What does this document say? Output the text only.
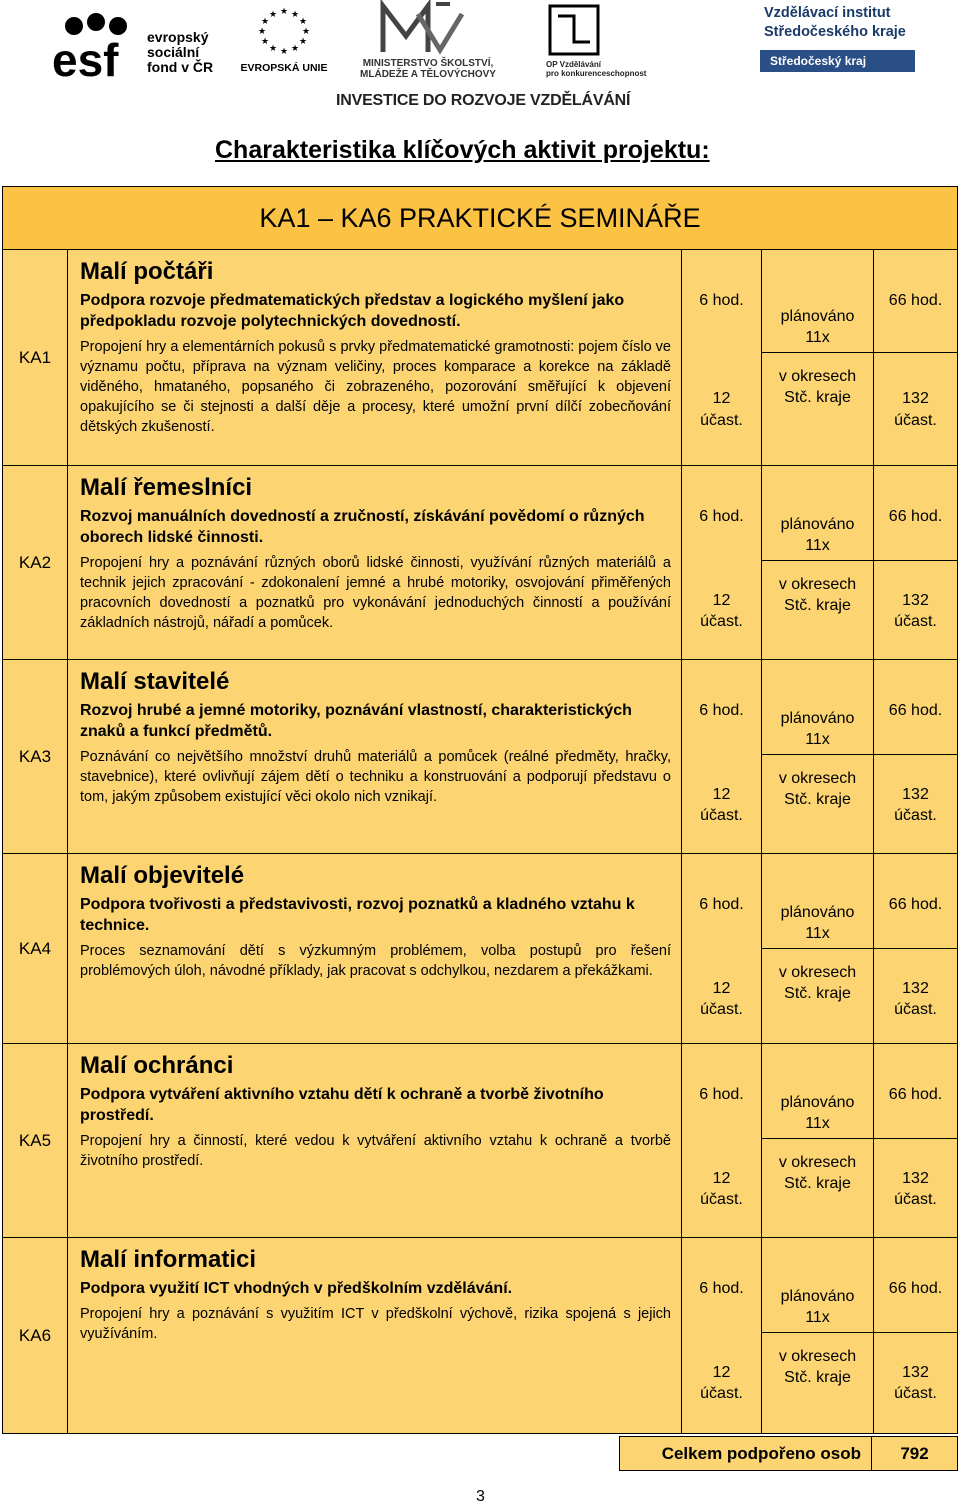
esf evropský
sociální
fond v ČR
★ ★
★
★
★
★
★
★
★
★
★
★
EVROPSKÁ UNIE	MINISTERSTVO ŠKOLSTVÍ,
MLÁDEŽE A TĚLOVÝCHOVY
OP Vzdělávání
pro konkurenceschopnost
INVESTICE DO ROZVOJE VZDĚLÁVÁNÍ
Vzdělávací institut
Středočeského kraje
Středočeský kraj
Charakteristika klíčových aktivit projektu:
KA1 – KA6 PRAKTICKÉ SEMINÁŘE
KA1
Malí počtáři
Podpora rozvoje předmatematických představ a logického myšlení jako předpokladu rozvoje polytechnických dovedností.
Propojení hry a elementárních pokusů s prvky předmatematické gramotnosti: pojem číslo ve významu počtu, příprava na význam veličiny, proces komparace a korekce na základě viděného, hmataného, popsaného či zobrazeného, pozorování směřující k objevení opakujícího se či stejnosti a další děje a procesy, které umožní první dílčí zobecňování dětských zkušeností.
6 hod.
12
účast.
plánováno
11x
v okresech
Stč. kraje
66 hod.
132
účast.
KA2
Malí řemeslníci
Rozvoj manuálních dovedností a zručností, získávání povědomí o různých oborech lidské činnosti.
Propojení hry a poznávání různých oborů lidské činnosti, využívání různých materiálů a technik jejich zpracování - zdokonalení jemné a hrubé motoriky, osvojování přiměřených pracovních dovedností a poznatků pro vykonávání jednoduchých činností a používání základních nástrojů, nářadí a pomůcek.
6 hod.
12
účast.
plánováno
11x
v okresech
Stč. kraje
66 hod.
132
účast.
KA3
Malí stavitelé
Rozvoj hrubé a jemné motoriky, poznávání vlastností, charakteristických znaků a funkcí předmětů.
Poznávání co největšího množství druhů materiálů a pomůcek (reálné předměty, hračky, stavebnice), které ovlivňují zájem dětí o techniku a konstruování a podporují představu o tom, jakým způsobem existující věci okolo nich vznikají.
6 hod.
12
účast.
plánováno
11x
v okresech
Stč. kraje
66 hod.
132
účast.
KA4
Malí objevitelé
Podpora tvořivosti a představivosti, rozvoj poznatků a kladného vztahu k technice.
Proces seznamování dětí s výzkumným problémem, volba postupů pro řešení problémových úloh, návodné příklady, jak pracovat s odchylkou, nezdarem a překážkami.
6 hod.
12
účast.
plánováno
11x
v okresech
Stč. kraje
66 hod.
132
účast.
KA5
Malí ochránci
Podpora vytváření aktivního vztahu dětí k ochraně a tvorbě životního prostředí.
Propojení hry a činností, které vedou k vytváření aktivního vztahu k ochraně a tvorbě životního prostředí.
6 hod.
12
účast.
plánováno
11x
v okresech
Stč. kraje
66 hod.
132
účast.
KA6
Malí informatici
Podpora využití ICT vhodných v předškolním vzdělávání.
Propojení hry a poznávání s využitím ICT v předškolní výchově, rizika spojená s jejich využíváním.
6 hod.
12
účast.
plánováno
11x
v okresech
Stč. kraje
66 hod.
132
účast.
Celkem podpořeno osob	792
3
